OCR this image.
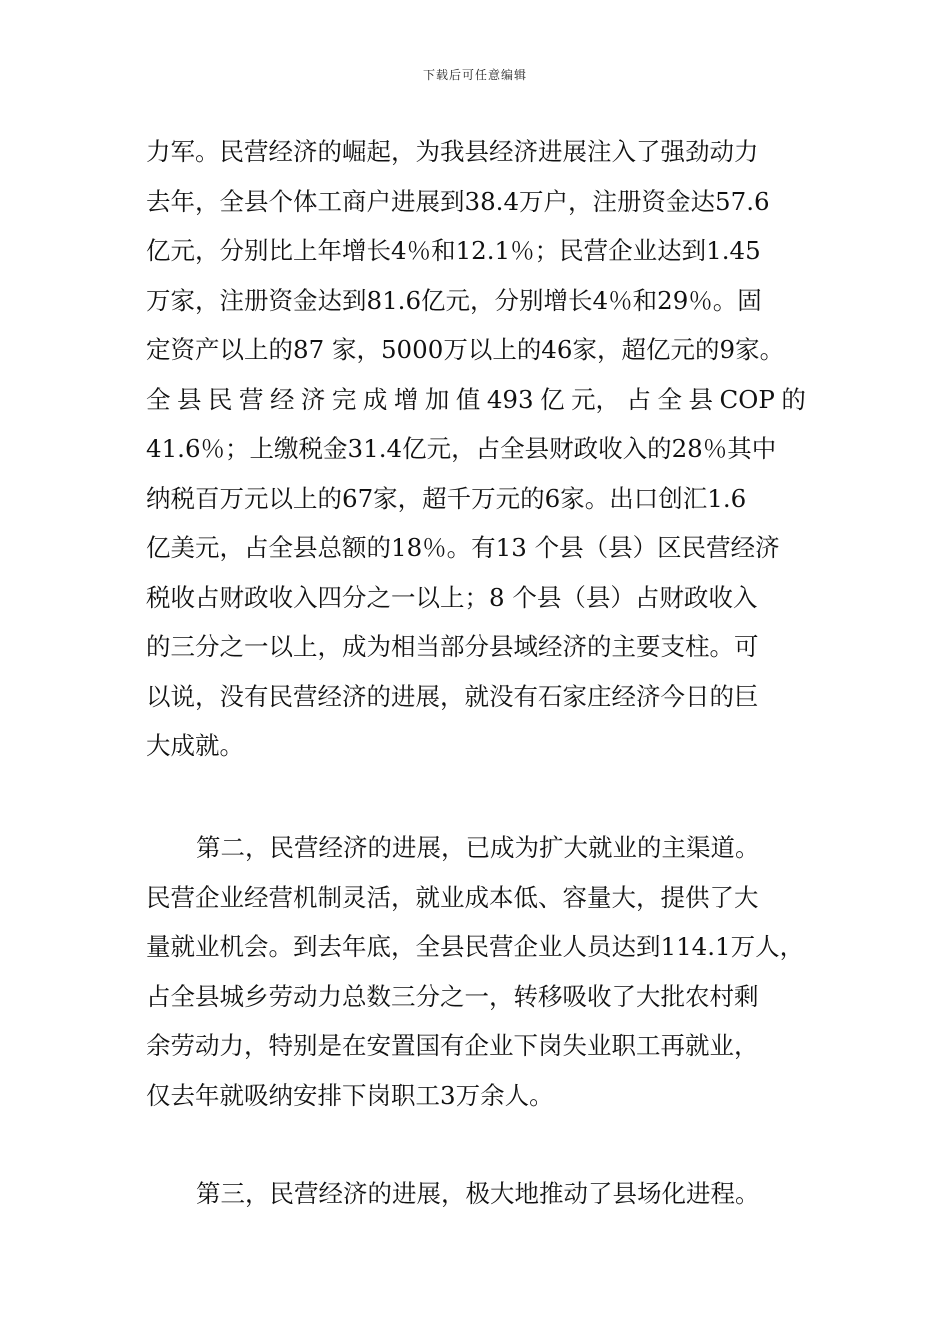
下载后可任意编辑
力军。民营经济的崛起，为我县经济进展注入了强劲动力
去年，全县个体工商户进展到38.4万户，注册资金达57.6
亿元，分别比上年增长4％和12.1％；民营企业达到1.45
万家，注册资金达到81.6亿元，分别增长4％和29％。固
定资产以上的87 家，5000万以上的46家，超亿元的9家。
全 县 民 营 经 济 完 成 增 加 值 493 亿 元， 占 全 县 COP 的
41.6％；上缴税金31.4亿元，占全县财政收入的28％其中
纳税百万元以上的67家，超千万元的6家。出口创汇1.6
亿美元，占全县总额的18％。有13 个县（县）区民营经济
税收占财政收入四分之一以上；8 个县（县）占财政收入
的三分之一以上，成为相当部分县域经济的主要支柱。可
以说，没有民营经济的进展，就没有石家庄经济今日的巨
大成就。
第二，民营经济的进展，已成为扩大就业的主渠道。
民营企业经营机制灵活，就业成本低、容量大，提供了大
量就业机会。到去年底，全县民营企业人员达到114.1万人，
占全县城乡劳动力总数三分之一，转移吸收了大批农村剩
余劳动力，特别是在安置国有企业下岗失业职工再就业，
仅去年就吸纳安排下岗职工3万余人。
第三，民营经济的进展，极大地推动了县场化进程。
